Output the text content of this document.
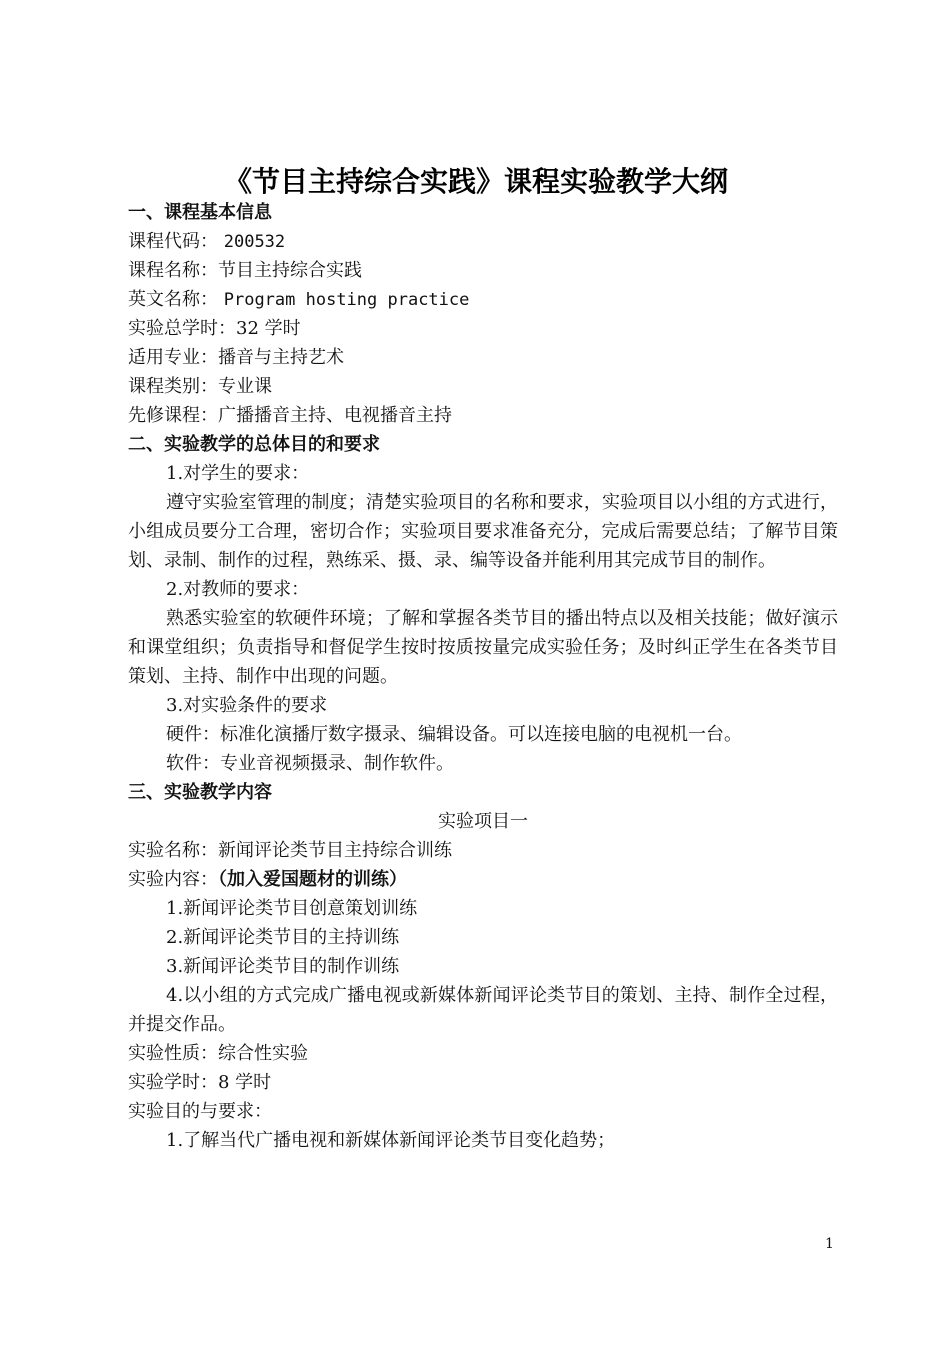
《节目主持综合实践》课程实验教学大纲

一、课程基本信息

课程代码： 200532

课程名称：节目主持综合实践

英文名称： Program hosting practice

实验总学时：32 学时

适用专业：播音与主持艺术

课程类别：专业课

先修课程：广播播音主持、电视播音主持

二、实验教学的总体目的和要求

1.对学生的要求：

遵守实验室管理的制度；清楚实验项目的名称和要求，实验项目以小组的方式进行，小组成员要分工合理，密切合作；实验项目要求准备充分，完成后需要总结；了解节目策划、录制、制作的过程，熟练采、摄、录、编等设备并能利用其完成节目的制作。

2.对教师的要求：

熟悉实验室的软硬件环境；了解和掌握各类节目的播出特点以及相关技能；做好演示和课堂组织；负责指导和督促学生按时按质按量完成实验任务；及时纠正学生在各类节目策划、主持、制作中出现的问题。

3.对实验条件的要求

硬件：标准化演播厅数字摄录、编辑设备。可以连接电脑的电视机一台。

软件：专业音视频摄录、制作软件。

三、实验教学内容

实验项目一

实验名称：新闻评论类节目主持综合训练

实验内容：（加入爱国题材的训练）

1.新闻评论类节目创意策划训练

2.新闻评论类节目的主持训练

3.新闻评论类节目的制作训练

4.以小组的方式完成广播电视或新媒体新闻评论类节目的策划、主持、制作全过程，并提交作品。

实验性质：综合性实验

实验学时：8 学时

实验目的与要求：

1.了解当代广播电视和新媒体新闻评论类节目变化趋势；

1
